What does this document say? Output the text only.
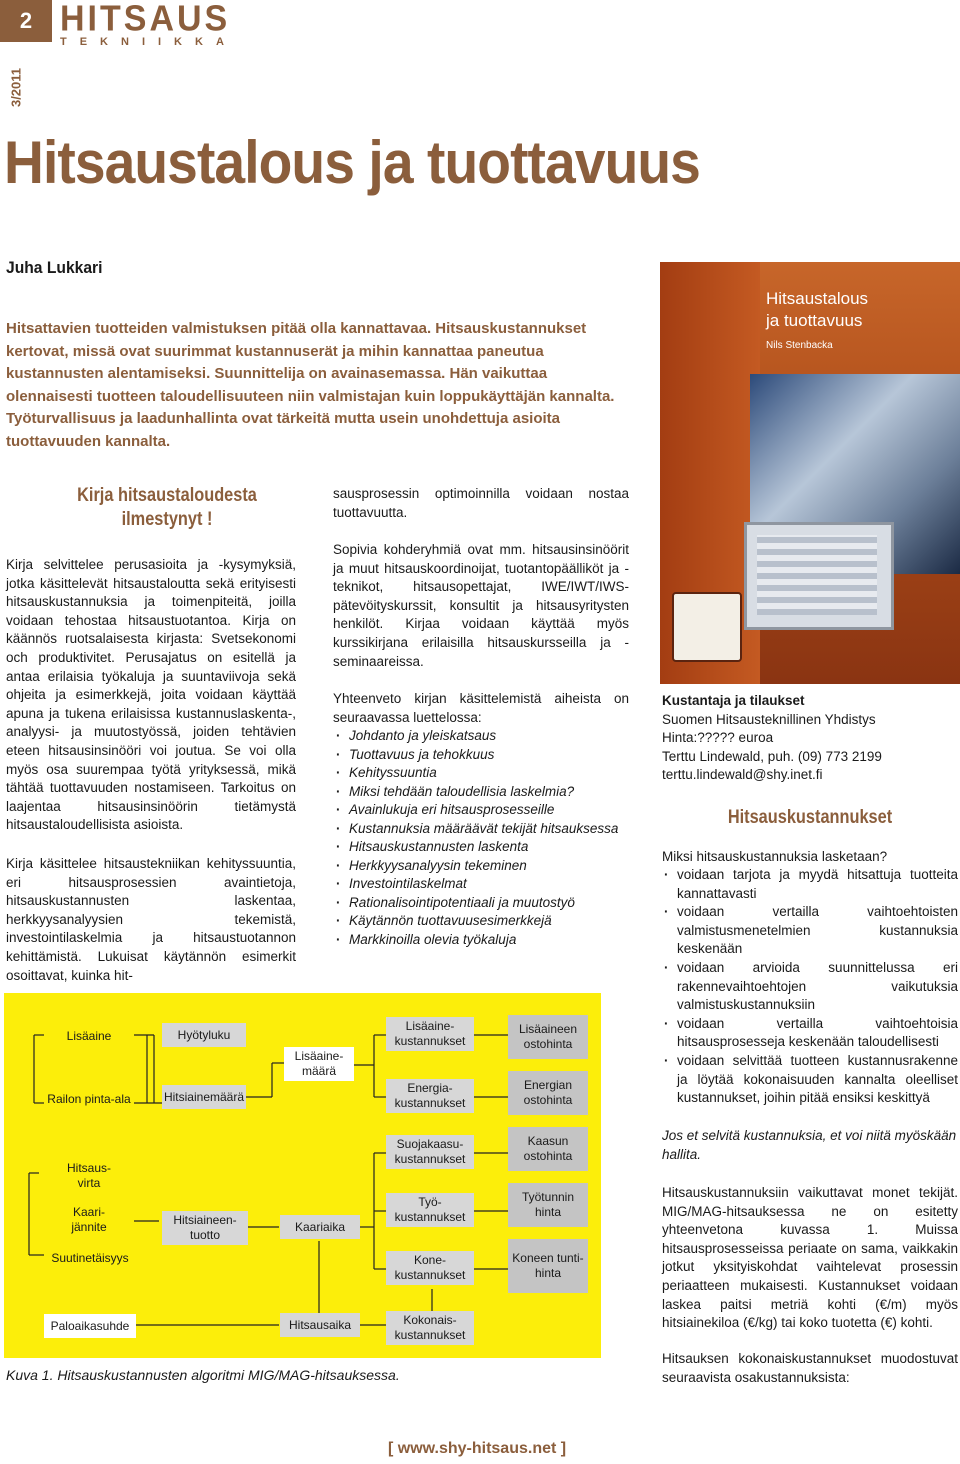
2 HITSAUS
TEKNIIKKA
3/2011
Hitsaustalous ja tuottavuus
Juha Lukkari
Hitsattavien tuotteiden valmistuksen pitää olla kannattavaa. Hitsauskustannukset kertovat, missä ovat suurimmat kustannuserät ja mihin kannattaa paneutua kustannusten alentamiseksi. Suunnittelija on avainasemassa. Hän vaikuttaa olennaisesti tuotteen taloudellisuuteen niin valmistajan kuin loppukäyttäjän kannalta. Työturvallisuus ja laadunhallinta ovat tärkeitä mutta usein unohdettuja asioita tuottavuuden kannalta.
Hitsaustalous
ja tuottavuus
Nils Stenbacka
Kirja hitsaustaloudesta
ilmestynyt !

Kirja selvittelee perusasioita ja -kysymyksiä, jotka käsittelevät hitsaustaloutta sekä erityisesti hitsauskustannuksia ja toimenpiteitä, joilla voidaan tehostaa hitsaustuotantoa. Kirja on käännös ruotsalaisesta kirjasta: Svetsekonomi och produktivitet. Perusajatus on esitellä ja antaa erilaisia työkaluja ja suuntaviivoja sekä ohjeita ja esimerkkejä, joita voidaan käyttää apuna ja tukena erilaisissa kustannuslaskenta-, analyysi- ja muutostyössä, joiden tehtävien eteen hitsausinsinööri voi joutua. Se voi olla myös osa suurempaa työtä yrityksessä, mikä tähtää tuottavuuden nostamiseen. Tarkoitus on laajentaa hitsausinsinöörin tietämystä hitsaustaloudellisista asioista.

Kirja käsittelee hitsaustekniikan kehityssuuntia, eri hitsausprosessien avaintietoja, hitsauskustannusten laskentaa, herkkyysanalyysien tekemistä, investointilaskelmia ja hitsaustuotannon kehittämistä. Lukuisat käytännön esimerkit osoittavat, kuinka hit-

sausprosessin optimoinnilla voidaan nostaa tuottavuutta.

Sopivia kohderyhmiä ovat mm. hitsausinsinöörit ja muut hitsauskoordinoijat, tuotantopäälliköt ja -teknikot, hitsausopettajat, IWE/IWT/IWS-pätevöityskurssit, konsultit ja hitsausyritysten henkilöt. Kirjaa voidaan käyttää myös kurssikirjana erilaisilla hitsauskursseilla ja -seminaareissa.

Yhteenveto kirjan käsittelemistä aiheista on seuraavassa luettelossa:

· Johdanto ja yleiskatsaus
· Tuottavuus ja tehokkuus
· Kehityssuuntia
· Miksi tehdään taloudellisia laskelmia?
· Avainlukuja eri hitsausprosesseille
· Kustannuksia määräävät tekijät hitsauksessa
· Hitsauskustannusten laskenta
· Herkkyysanalyysin tekeminen
· Investointilaskelmat
· Rationalisointipotentiaali ja muutostyö
· Käytännön tuottavuusesimerkkejä
· Markkinoilla olevia työkaluja
Kustantaja ja tilaukset
Suomen Hitsausteknillinen Yhdistys
Hinta:????? euroa
Terttu Lindewald, puh. (09) 773 2199
terttu.lindewald@shy.inet.fi
Hitsauskustannukset

Miksi hitsauskustannuksia lasketaan?

· voidaan tarjota ja myydä hitsattuja tuotteita kannattavasti
· voidaan vertailla vaihtoehtoisten valmistusmenetelmien kustannuksia keskenään
· voidaan arvioida suunnittelussa eri rakennevaihtoehtojen vaikutuksia valmistuskustannuksiin
· voidaan vertailla vaihtoehtoisia hitsausprosesseja keskenään taloudellisesti
· voidaan selvittää tuotteen kustannusrakenne ja löytää kokonaisuuden kannalta oleelliset kustannukset, joihin pitää ensiksi keskittyä

Jos et selvitä kustannuksia, et voi niitä myöskään hallita.

Hitsauskustannuksiin vaikuttavat monet tekijät. MIG/MAG-hitsauksessa ne on esitetty yhteenvetona kuvassa 1. Muissa hitsausprosesseissa periaate on sama, vaikkakin jotkut yksityiskohdat vaihtelevat prosessin periaatteen mukaisesti. Kustannukset voidaan laskea paitsi metriä kohti (€/m) myös hitsiainekiloa (€/kg) tai koko tuotetta (€) kohti.

Hitsauksen kokonaiskustannukset muodostuvat seuraavista osakustannuksista:

Lisäaine
Railon pinta-ala
Hitsaus-virta
Kaari-jännite
Suutinetäisyys
Paloaikasuhde
Hyötyluku
Hitsiainemäärä
Hitsiaineen-tuotto
Lisäaine-määrä
Kaariaika
Hitsausaika
Lisäaine-kustannukset
Energia-kustannukset
Suojakaasu-kustannukset
Työ-kustannukset
Kone-kustannukset
Kokonais-kustannukset
Lisäaineen ostohinta
Energian ostohinta
Kaasun ostohinta
Työtunnin hinta
Koneen tunti-hinta
Kuva 1. Hitsauskustannusten algoritmi MIG/MAG-hitsauksessa.
[ www.shy-hitsaus.net ]
